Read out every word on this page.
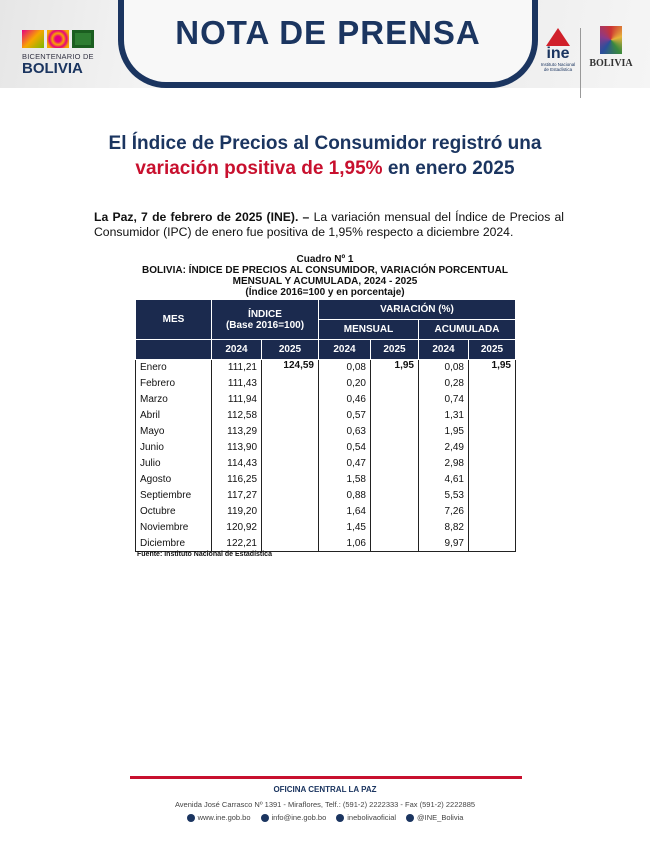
BICENTENARIO DE
BOLIVIA
NOTA DE PRENSA
ine
Instituto Nacional de Estadística
BOLIVIA
El Índice de Precios al Consumidor registró una
variación positiva de 1,95% en enero 2025

La Paz, 7 de febrero de 2025 (INE). – La variación mensual del Índice de Precios al Consumidor (IPC) de enero fue positiva de 1,95% respecto a diciembre 2024.

Cuadro Nº 1
BOLIVIA: ÍNDICE DE PRECIOS AL CONSUMIDOR, VARIACIÓN PORCENTUAL
MENSUAL Y ACUMULADA, 2024 - 2025
(Índice 2016=100 y en porcentaje)
MES	ÍNDICE
(Base 2016=100)		VARIACIÓN (%)			
			MENSUAL		ACUMULADA	
	2024	2025	2024	2025	2024	2025
Enero	111,21	124,59	0,08	1,95	0,08	1,95
Febrero	111,43		0,20		0,28	
Marzo	111,94		0,46		0,74	
Abril	112,58		0,57		1,31	
Mayo	113,29		0,63		1,95	
Junio	113,90		0,54		2,49	
Julio	114,43		0,47		2,98	
Agosto	116,25		1,58		4,61	
Septiembre	117,27		0,88		5,53	
Octubre	119,20		1,64		7,26	
Noviembre	120,92		1,45		8,82	
Diciembre	122,21		1,06		9,97	
Fuente: Instituto Nacional de Estadística
OFICINA CENTRAL LA PAZ
Avenida José Carrasco Nº 1391 - Miraflores, Telf.: (591-2) 2222333 - Fax (591-2) 2222885
www.ine.gob.bo	info@ine.gob.bo	inebolivaoficial	@INE_Bolivia
